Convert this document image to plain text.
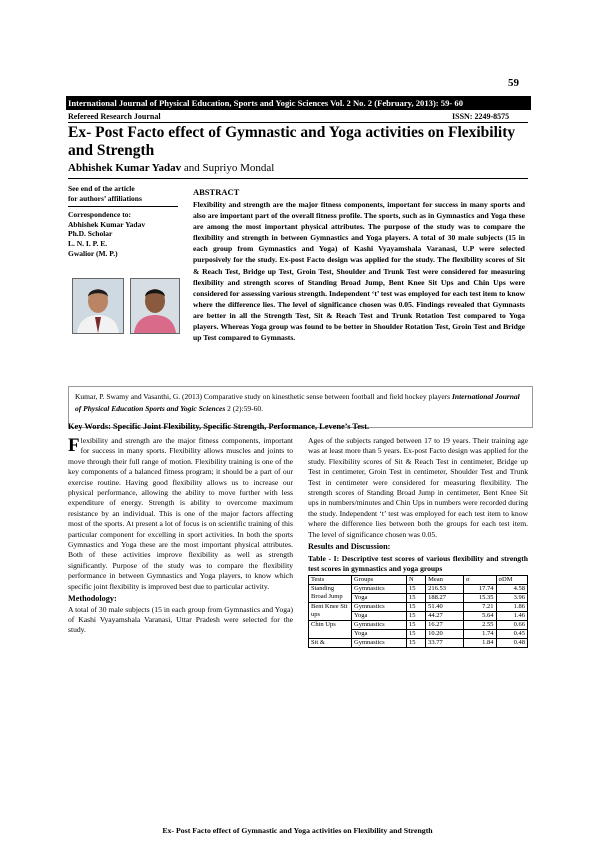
59
International Journal of Physical Education, Sports and Yogic Sciences Vol. 2 No. 2 (February, 2013): 59- 60
Refereed Research Journal	ISSN: 2249-8575
Ex- Post Facto effect of Gymnastic and Yoga activities on Flexibility and Strength
Abhishek Kumar Yadav and Supriyo Mondal
See end of the article
for authors’ affiliations
Correspondence to:
Abhishek Kumar Yadav
Ph.D. Scholar
L. N. I. P. E.
Gwalior (M. P.)
ABSTRACT
Flexibility and strength are the major fitness components, important for success in many sports and also are important part of the overall fitness profile. The sports, such as in Gymnastics and Yoga these are among the most important physical attributes. The purpose of the study was to compare the flexibility and strength in between Gymnastics and Yoga players. A total of 30 male subjects (15 in each group from Gymnastics and Yoga) of Kashi Vyayamshala Varanasi, U.P were selected purposively for the study. Ex-post Facto design was applied for the study. The flexibility scores of Sit & Reach Test, Bridge up Test, Groin Test, Shoulder and Trunk Test were considered for measuring flexibility and strength scores of Standing Broad Jump, Bent Knee Sit Ups and Chin Ups were considered for assessing various strength. Independent ‘t’ test was employed for each test item to know where the difference lies. The level of significance chosen was 0.05. Findings revealed that Gymnasts are better in all the Strength Test, Sit & Reach Test and Trunk Rotation Test compared to Yoga players. Whereas Yoga group was found to be better in Shoulder Rotation Test, Groin Test and Bridge up Test compared to Gymnasts.
Kumar, P. Swamy and Vasanthi, G. (2013) Comparative study on kinesthetic sense between football and field hockey players International Journal of Physical Education Sports and Yogic Sciences 2 (2):59-60.
Key Words: Specific Joint Flexibility, Specific Strength, Performance, Levene’s Test.
Flexibility and strength are the major fitness components, important for success in many sports. Flexibility allows muscles and joints to move through their full range of motion. Flexibility training is one of the key components of a balanced fitness program; it should be a part of our exercise routine. Having good flexibility allows us to increase our physical performance, allowing the ability to move further with less expenditure of energy. Strength is ability to overcome maximum resistance by an individual. This is one of the major factors affecting most of the sports. At present a lot of focus is on scientific training of this particular component for excelling in sport activities. In both the sports Gymnastics and Yoga these are the most important physical attributes. Both of these activities improve flexibility as well as strength significantly. Purpose of the study was to compare the flexibility performance in between Gymnastics and Yoga players, to know which specific joint flexibility is improved best due to particular activity.
Methodology:
A total of 30 male subjects (15 in each group from Gymnastics and Yoga) of Kashi Vyayamshala Varanasi, Uttar Pradesh were selected for the study.
Ages of the subjects ranged between 17 to 19 years. Their training age was at least more than 5 years. Ex-post Facto design was applied for the study. Flexibility scores of Sit & Reach Test in centimeter, Bridge up Test in centimeter, Groin Test in centimeter, Shoulder Test and Trunk Test in centimeter were considered for measuring flexibility. The strength scores of Standing Broad Jump in centimeter, Bent Knee Sit ups in numbers/minutes and Chin Ups in numbers were recorded during the study. Independent ‘t’ test was employed for each test item to know where the difference lies between both the groups for each test item. The level of significance chosen was 0.05.
Results and Discussion:
Table - I: Descriptive test scores of various flexibility and strength test scores in gymnastics and yoga groups
Tests	Groups	N	Mean	σ	σDM
Standing Broad Jump	Gymnastics	15	216.53	17.74	4.58
	Yoga	15	188.27	15.35	3.96
Bent Knee Sit ups	Gymnastics	15	51.40	7.21	1.86
	Yoga	15	44.27	5.64	1.46
Chin Ups	Gymnastics	15	16.27	2.55	0.66
	Yoga	15	10.20	1.74	0.45
Sit &	Gymnastics	15	33.77	1.84	0.48
Ex- Post Facto effect of Gymnastic and Yoga activities on Flexibility and Strength
